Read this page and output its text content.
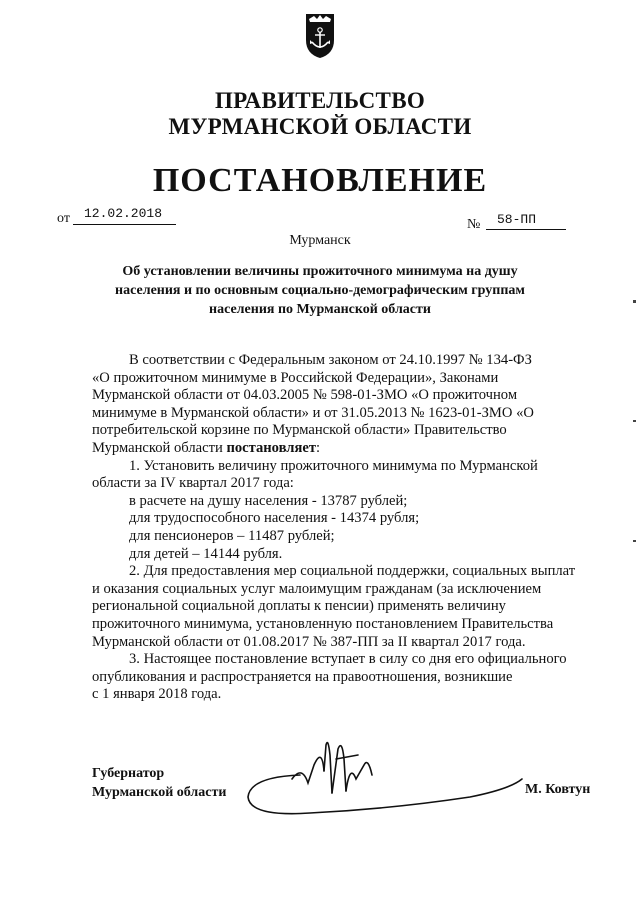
ПРАВИТЕЛЬСТВО
МУРМАНСКОЙ ОБЛАСТИ
ПОСТАНОВЛЕНИЕ
от 12.02.2018
№ 58-ПП
Мурманск
Об установлении величины прожиточного минимума на душу
населения и по основным социально-демографическим группам
населения по Мурманской области

В соответствии с Федеральным законом от 24.10.1997 № 134-ФЗ

«О прожиточном минимуме в Российской Федерации», Законами

Мурманской области от 04.03.2005 № 598-01-ЗМО «О прожиточном

минимуме в Мурманской области» и от 31.05.2013 № 1623-01-ЗМО «О

потребительской корзине по Мурманской области» Правительство

Мурманской области постановляет:

1. Установить величину прожиточного минимума по Мурманской

области за IV квартал 2017 года:

в расчете на душу населения - 13787 рублей;

для трудоспособного населения - 14374 рубля;

для пенсионеров – 11487 рублей;

для детей – 14144 рубля.

2. Для предоставления мер социальной поддержки, социальных выплат

и оказания социальных услуг малоимущим гражданам (за исключением

региональной социальной доплаты к пенсии) применять величину

прожиточного минимума, установленную постановлением Правительства

Мурманской области от 01.08.2017 № 387-ПП за II квартал 2017 года.

3. Настоящее постановление вступает в силу со дня его официального

опубликования и распространяется на правоотношения, возникшие

с 1 января 2018 года.

Губернатор
Мурманской области	М. Ковтун
